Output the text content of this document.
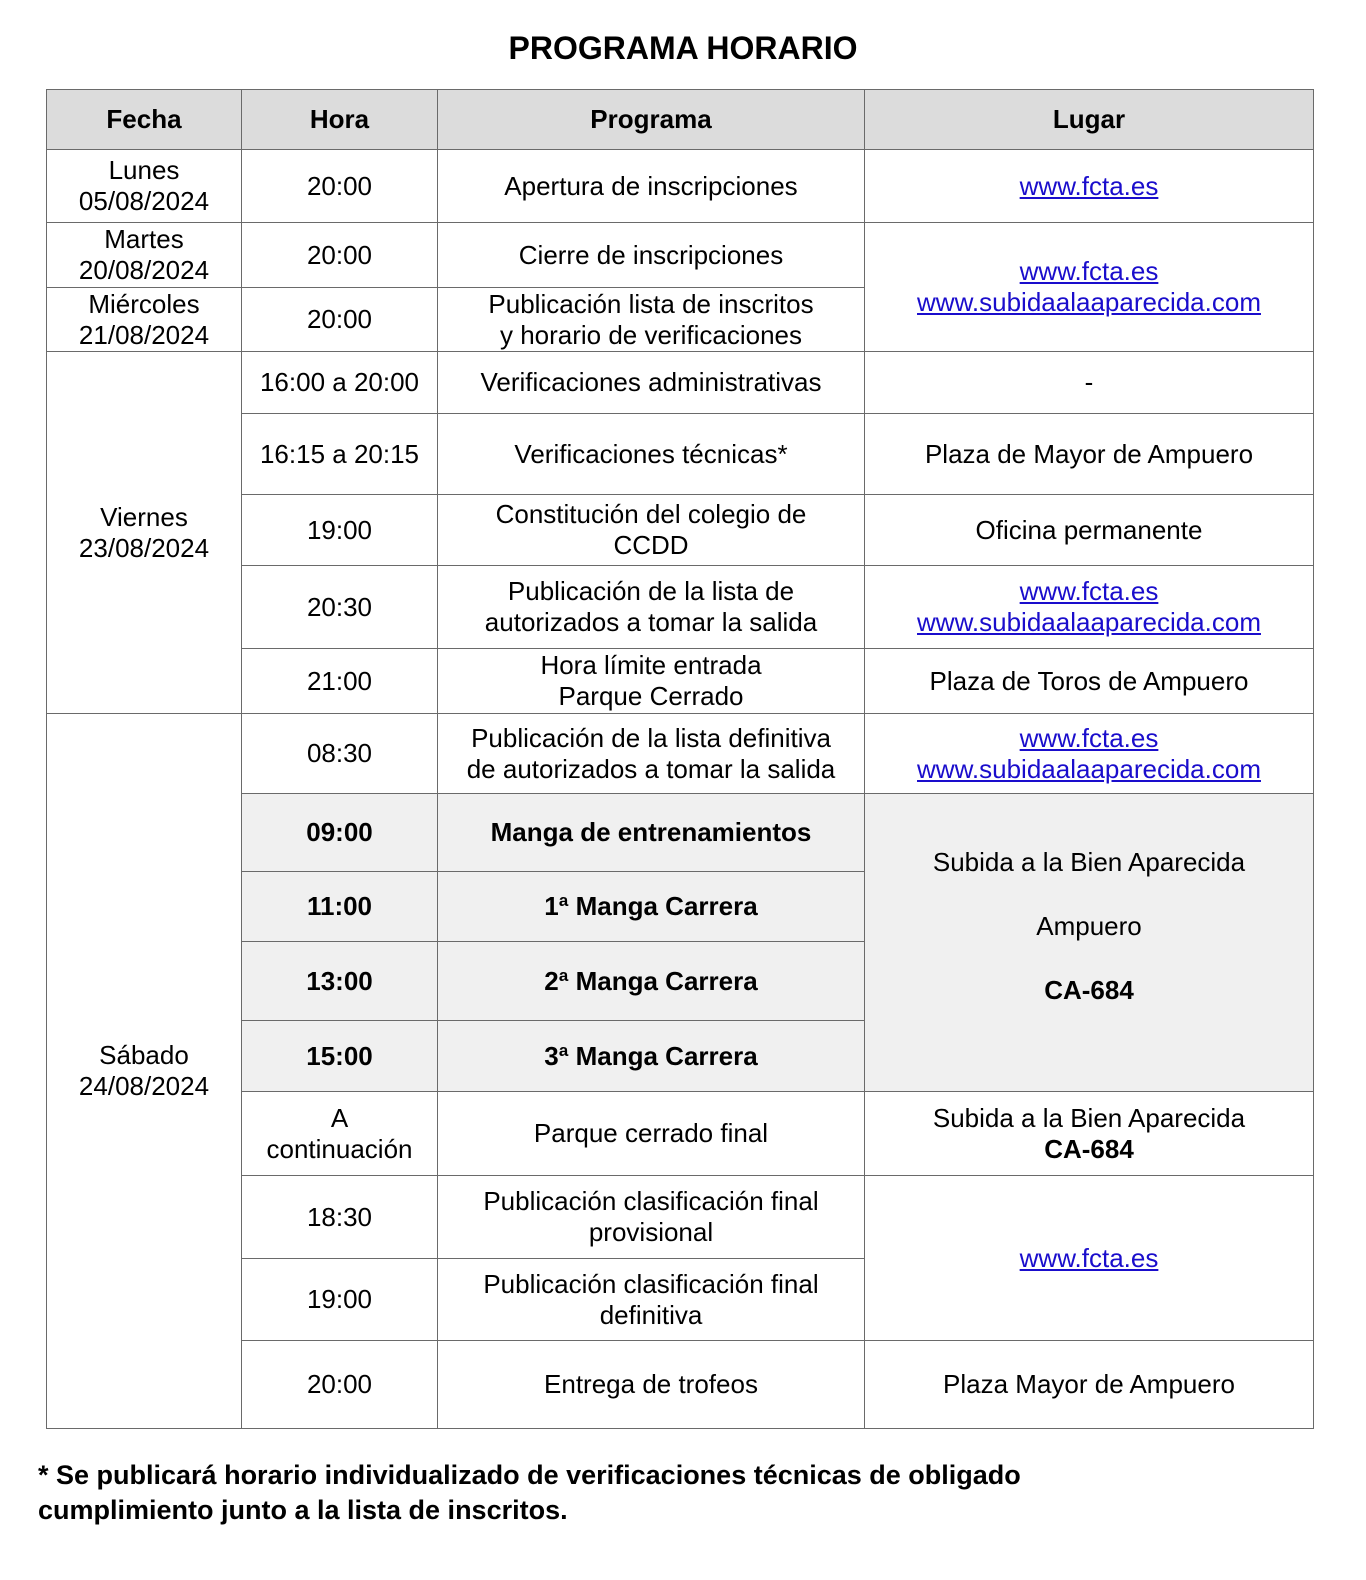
PROGRAMA HORARIO
Fecha	Hora	Programa	Lugar

Lunes
05/08/2024	20:00	Apertura de inscripciones	www.fcta.es

Martes
20/08/2024	20:00	Cierre de inscripciones	www.fcta.es
www.subidaalaaparecida.com

Miércoles
21/08/2024	20:00	Publicación lista de inscritos
y horario de verificaciones	

Viernes
23/08/2024	16:00 a 20:00	Verificaciones administrativas	-
	16:15 a 20:15	Verificaciones técnicas*	Plaza de Mayor de Ampuero
	19:00	Constitución del colegio de
CCDD	Oficina permanente
	20:30	Publicación de la lista de
autorizados a tomar la salida	www.fcta.es
www.subidaalaaparecida.com

	21:00	Hora límite entrada
Parque Cerrado	Plaza de Toros de Ampuero

Sábado
24/08/2024	08:30	Publicación de la lista definitiva
de autorizados a tomar la salida	www.fcta.es
www.subidaalaaparecida.com

	09:00	Manga de entrenamientos	Subida a la Bien Aparecida
Ampuero
CA-684

	11:00	1ª Manga Carrera	
	13:00	2ª Manga Carrera	
	15:00	3ª Manga Carrera	

	A
continuación	Parque cerrado final	Subida a la Bien Aparecida
CA-684

	18:30	Publicación clasificación final
provisional	www.fcta.es

	19:00	Publicación clasificación final
definitiva	

	20:00	Entrega de trofeos	Plaza Mayor de Ampuero
* Se publicará horario individualizado de verificaciones técnicas de obligado
cumplimiento junto a la lista de inscritos.
